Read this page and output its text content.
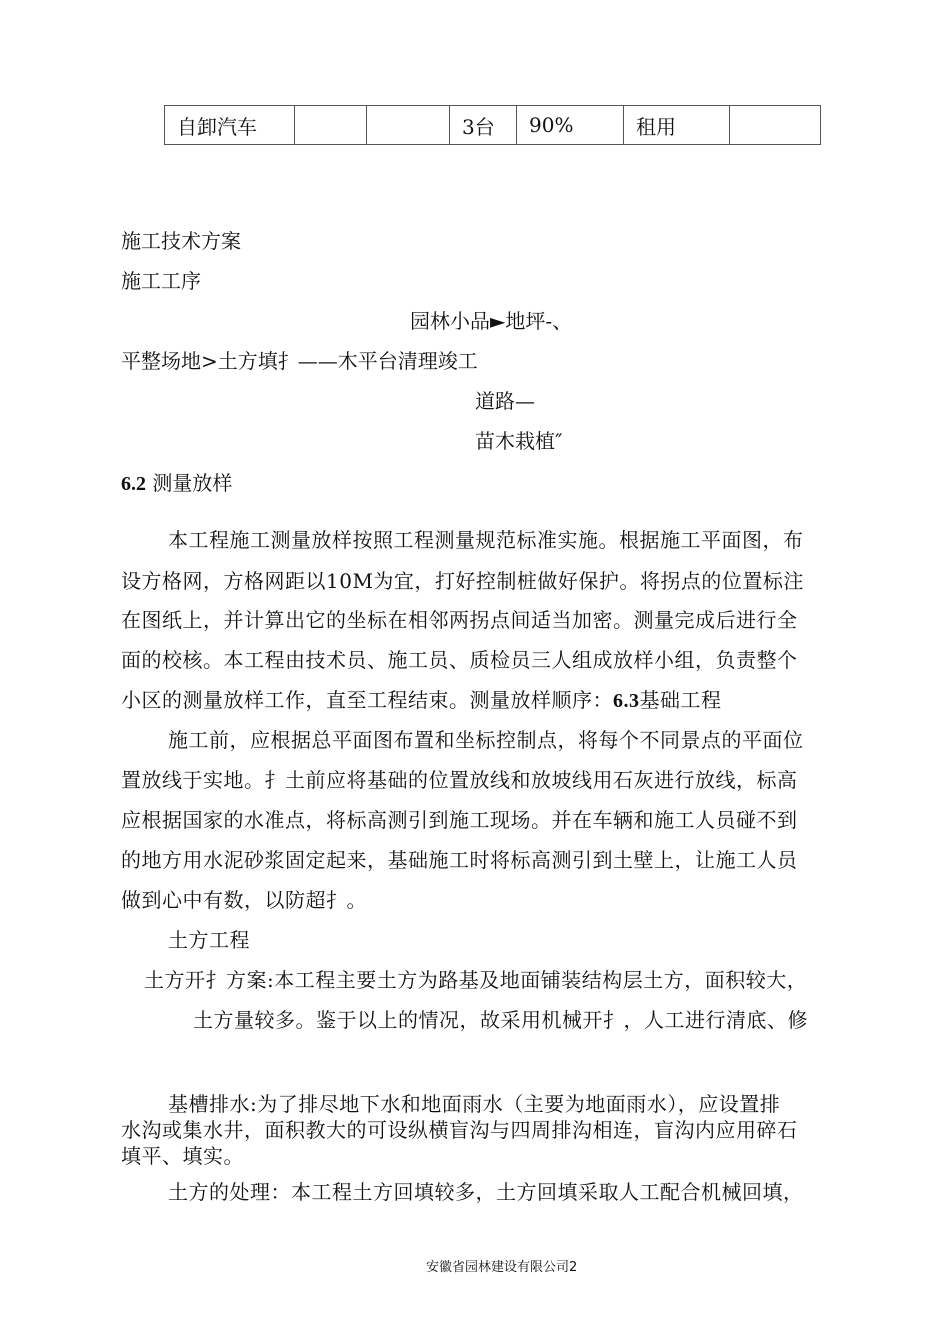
自卸汽车			3台	90%	租用	
施工技术方案
施工工序
园林小品►地坪-、
平整场地>土方填扌——木平台清理竣工
道路—
苗木栽植″
6.2 测量放样
本工程施工测量放样按照工程测量规范标准实施。根据施工平面图，布
设方格网，方格网距以10M为宜，打好控制桩做好保护。将拐点的位置标注
在图纸上，并计算出它的坐标在相邻两拐点间适当加密。测量完成后进行全
面的校核。本工程由技术员、施工员、质检员三人组成放样小组，负责整个
小区的测量放样工作，直至工程结束。测量放样顺序：6.3基础工程
施工前，应根据总平面图布置和坐标控制点，将每个不同景点的平面位
置放线于实地。扌土前应将基础的位置放线和放坡线用石灰进行放线，标高
应根据国家的水准点，将标高测引到施工现场。并在车辆和施工人员碰不到
的地方用水泥砂浆固定起来，基础施工时将标高测引到土壁上，让施工人员
做到心中有数，以防超扌。
土方工程
土方开扌方案:本工程主要土方为路基及地面铺装结构层土方，面积较大，
土方量较多。鉴于以上的情况，故采用机械开扌，人工进行清底、修
基槽排水:为了排尽地下水和地面雨水（主要为地面雨水），应设置排
水沟或集水井，面积教大的可设纵横盲沟与四周排沟相连，盲沟内应用碎石
填平、填实。
土方的处理：本工程土方回填较多，土方回填采取人工配合机械回填，
安徽省园林建设有限公司2
